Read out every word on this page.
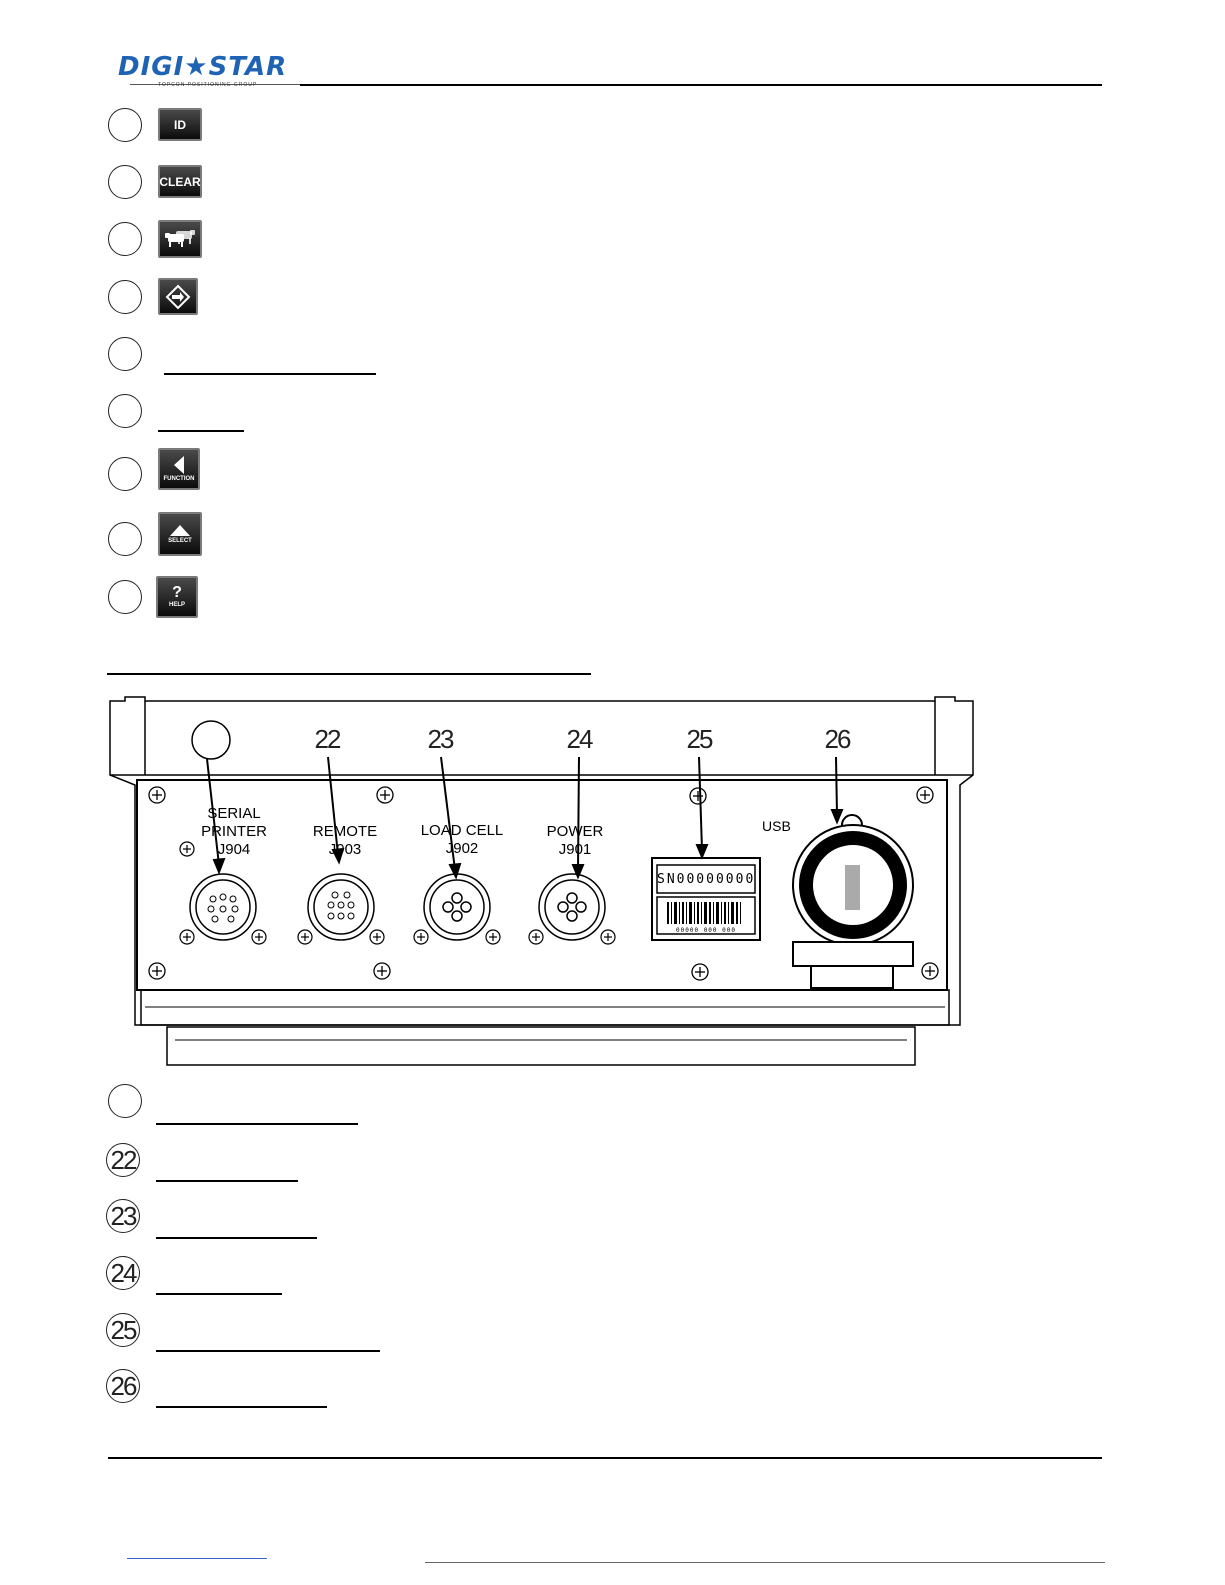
DIGI★STAR
TOPCON POSITIONING GROUP
ID
CLEAR
FUNCTION
SELECT
?
HELP
22	23	24	25	26
SERIAL
PRINTER
J904
REMOTE
J903
LOAD CELL
J902
POWER
J901
USB
SN00000000
00000 000 000
22
23
24
25
26
